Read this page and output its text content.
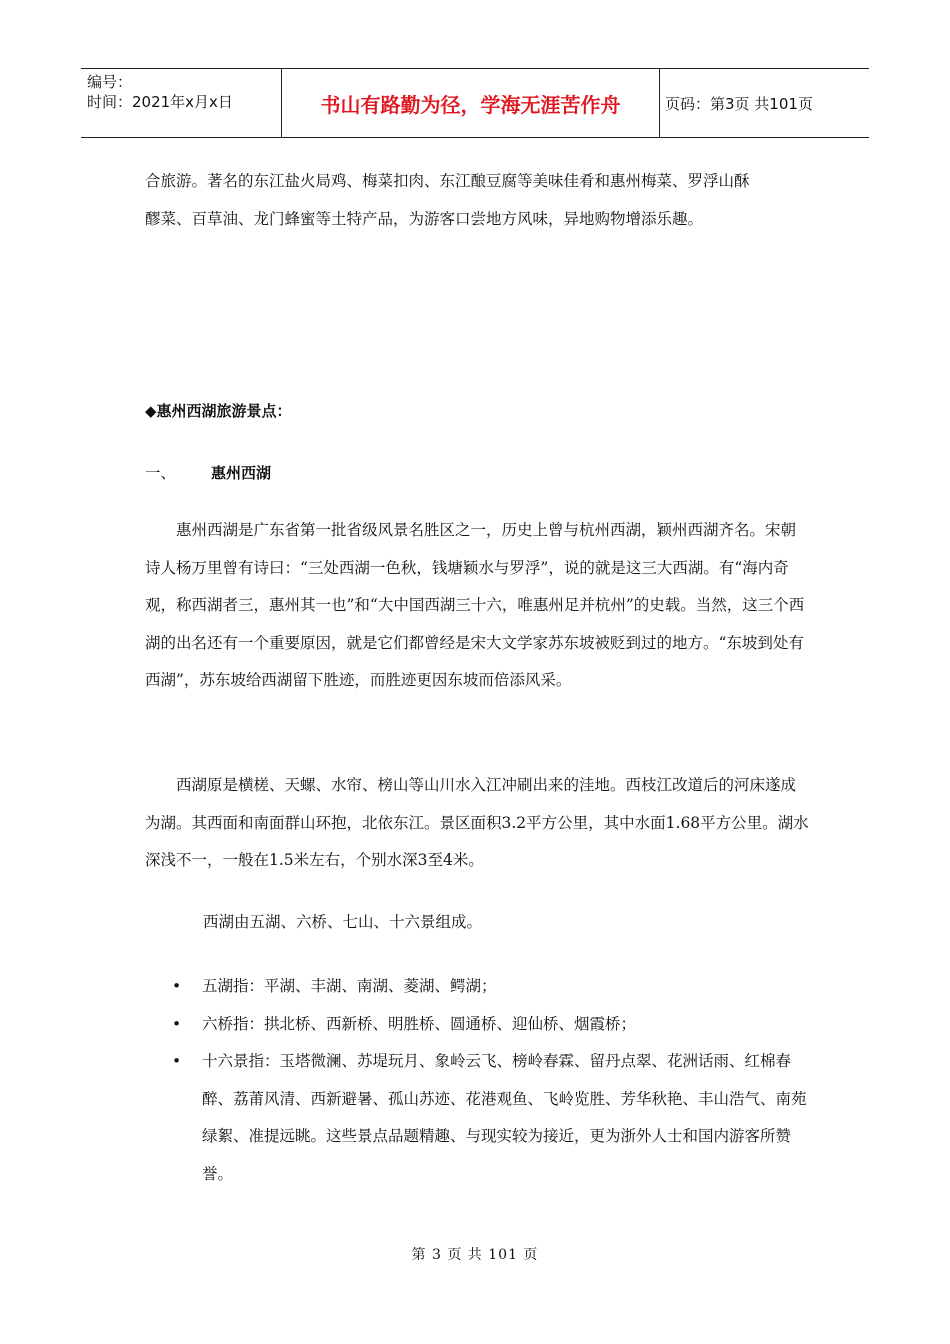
编号：
时间：2021年x月x日	书山有路勤为径，学海无涯苦作舟	页码：第3页 共101页

合旅游。著名的东江盐火局鸡、梅菜扣肉、东江酿豆腐等美味佳肴和惠州梅菜、罗浮山酥

醪菜、百草油、龙门蜂蜜等土特产品，为游客口尝地方风味，异地购物增添乐趣。

◆惠州西湖旅游景点：

一、 惠州西湖

惠州西湖是广东省第一批省级风景名胜区之一，历史上曾与杭州西湖，颖州西湖齐名。宋朝诗人杨万里曾有诗曰：“三处西湖一色秋，钱塘颖水与罗浮”，说的就是这三大西湖。有“海内奇观，称西湖者三，惠州其一也”和“大中国西湖三十六，唯惠州足并杭州”的史载。当然，这三个西湖的出名还有一个重要原因，就是它们都曾经是宋大文学家苏东坡被贬到过的地方。“东坡到处有西湖”，苏东坡给西湖留下胜迹，而胜迹更因东坡而倍添风采。

西湖原是横槎、天螺、水帘、榜山等山川水入江冲刷出来的洼地。西枝江改道后的河床遂成为湖。其西面和南面群山环抱，北依东江。景区面积3.2平方公里，其中水面1.68平方公里。湖水深浅不一，一般在1.5米左右，个别水深3至4米。

西湖由五湖、六桥、七山、十六景组成。

• 五湖指：平湖、丰湖、南湖、菱湖、鳄湖；
• 六桥指：拱北桥、西新桥、明胜桥、圆通桥、迎仙桥、烟霞桥；
• 十六景指：玉塔微澜、苏堤玩月、象岭云飞、榜岭春霖、留丹点翠、花洲话雨、红棉春醉、荔莆风清、西新避暑、孤山苏迹、花港观鱼、飞岭览胜、芳华秋艳、丰山浩气、南苑绿絮、准提远眺。这些景点品题精趣、与现实较为接近，更为浙外人士和国内游客所赞誉。
第 3 页 共 101 页
